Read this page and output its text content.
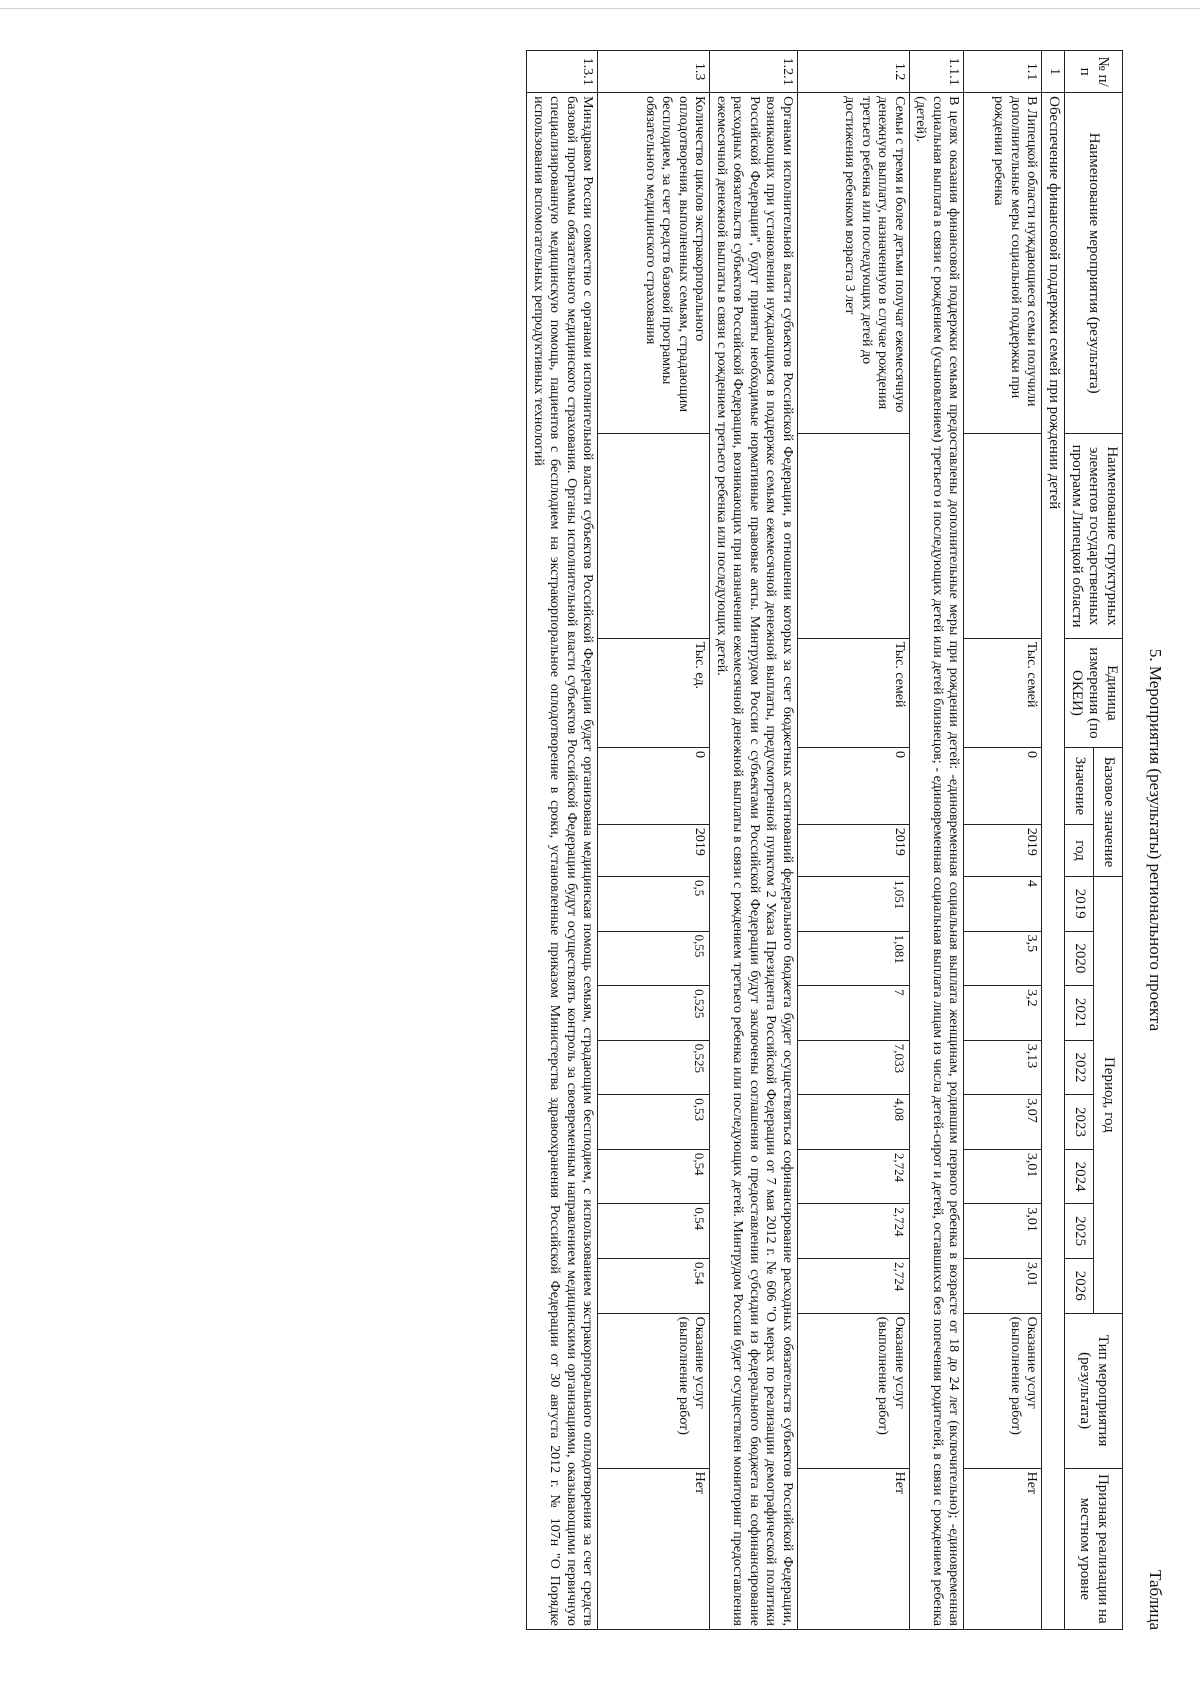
5. Мероприятия (результаты) регионального проекта
Таблица
№ п/п	Наименование мероприятия (результата)	Наименование структурных элементов государственных программ Липецкой области	Единица измерения (по ОКЕИ)	Базовое значение		Период, год								Тип мероприятия (результата)	Признак реализации на местном уровне
				Значение	год	2019	2020	2021	2022	2023	2024	2025	2026		
1	Обеспечение финансовой поддержки семей при рождении детей														
1.1	В Липецкой области нуждающиеся семьи получили дополнительные меры социальной поддержки при рождении ребенка		Тыс. семей	0	2019	4	3,5	3,2	3,13	3,07	3,01	3,01	3,01	Оказание услуг (выполнение работ)	Нет
1.1.1	В целях оказания финансовой поддержки семьям предоставлены дополнительные меры при рождении детей: -единовременная социальная выплата женщинам, родившим первого ребенка в возрасте от 18 до 24 лет (включительно); -единовременная социальная выплата в связи с рождением (усыновлением) третьего и последующих детей или детей близнецов; - единовременная социальная выплата лицам из числа детей-сирот и детей, оставшихся без попечения родителей, в связи с рождением ребенка (детей).														
1.2	Семьи с тремя и более детьми получат ежемесячную денежную выплату, назначенную в случае рождения третьего ребенка или последующих детей до достижения ребенком возраста 3 лет		Тыс. семей	0	2019	1,051	1,081	7	7,033	4,08	2,724	2,724	2,724	Оказание услуг (выполнение работ)	Нет
1.2.1	Органами исполнительной власти субъектов Российской Федерации, в отношении которых за счет бюджетных ассигнований федерального бюджета будет осуществляться софинансирование расходных обязательств субъектов Российской Федерации, возникающих при установлении нуждающимся в поддержке семьям ежемесячной денежной выплаты, предусмотренной пунктом 2 Указа Президента Российской Федерации от 7 мая 2012 г. № 606 "О мерах по реализации демографической политики Российской Федерации", будут приняты необходимые нормативные правовые акты. Минтрудом России с субъектами Российской Федерации будут заключены соглашения о предоставлении субсидии из федерального бюджета на софинансирование расходных обязательств субъектов Российской Федерации, возникающих при назначении ежемесячной денежной выплаты в связи с рождением третьего ребенка или последующих детей. Минтрудом России будет осуществлен мониторинг предоставления ежемесячной денежной выплаты в связи с рождением третьего ребенка или последующих детей.														
1.3	Количество циклов экстракорпорального оплодотворения, выполненных семьям, страдающим бесплодием, за счет средств базовой программы обязательного медицинского страхования		Тыс. ед.	0	2019	0,5	0,55	0,525	0,525	0,53	0,54	0,54	0,54	Оказание услуг (выполнение работ)	Нет
1.3.1	Минздравом России совместно с органами исполнительной власти субъектов Российской Федерации будет организована медицинская помощь семьям, страдающим бесплодием, с использованием экстракорпорального оплодотворения за счет средств базовой программы обязательного медицинского страхования. Органы исполнительной власти субъектов Российской Федерации будут осуществлять контроль за своевременным направлением медицинскими организациями, оказывающими первичную специализированную медицинскую помощь, пациентов с бесплодием на экстракорпоральное оплодотворение в сроки, установленные приказом Министерства здравоохранения Российской Федерации от 30 августа 2012 г. № 107н "О Порядке использования вспомогательных репродуктивных технологий														
